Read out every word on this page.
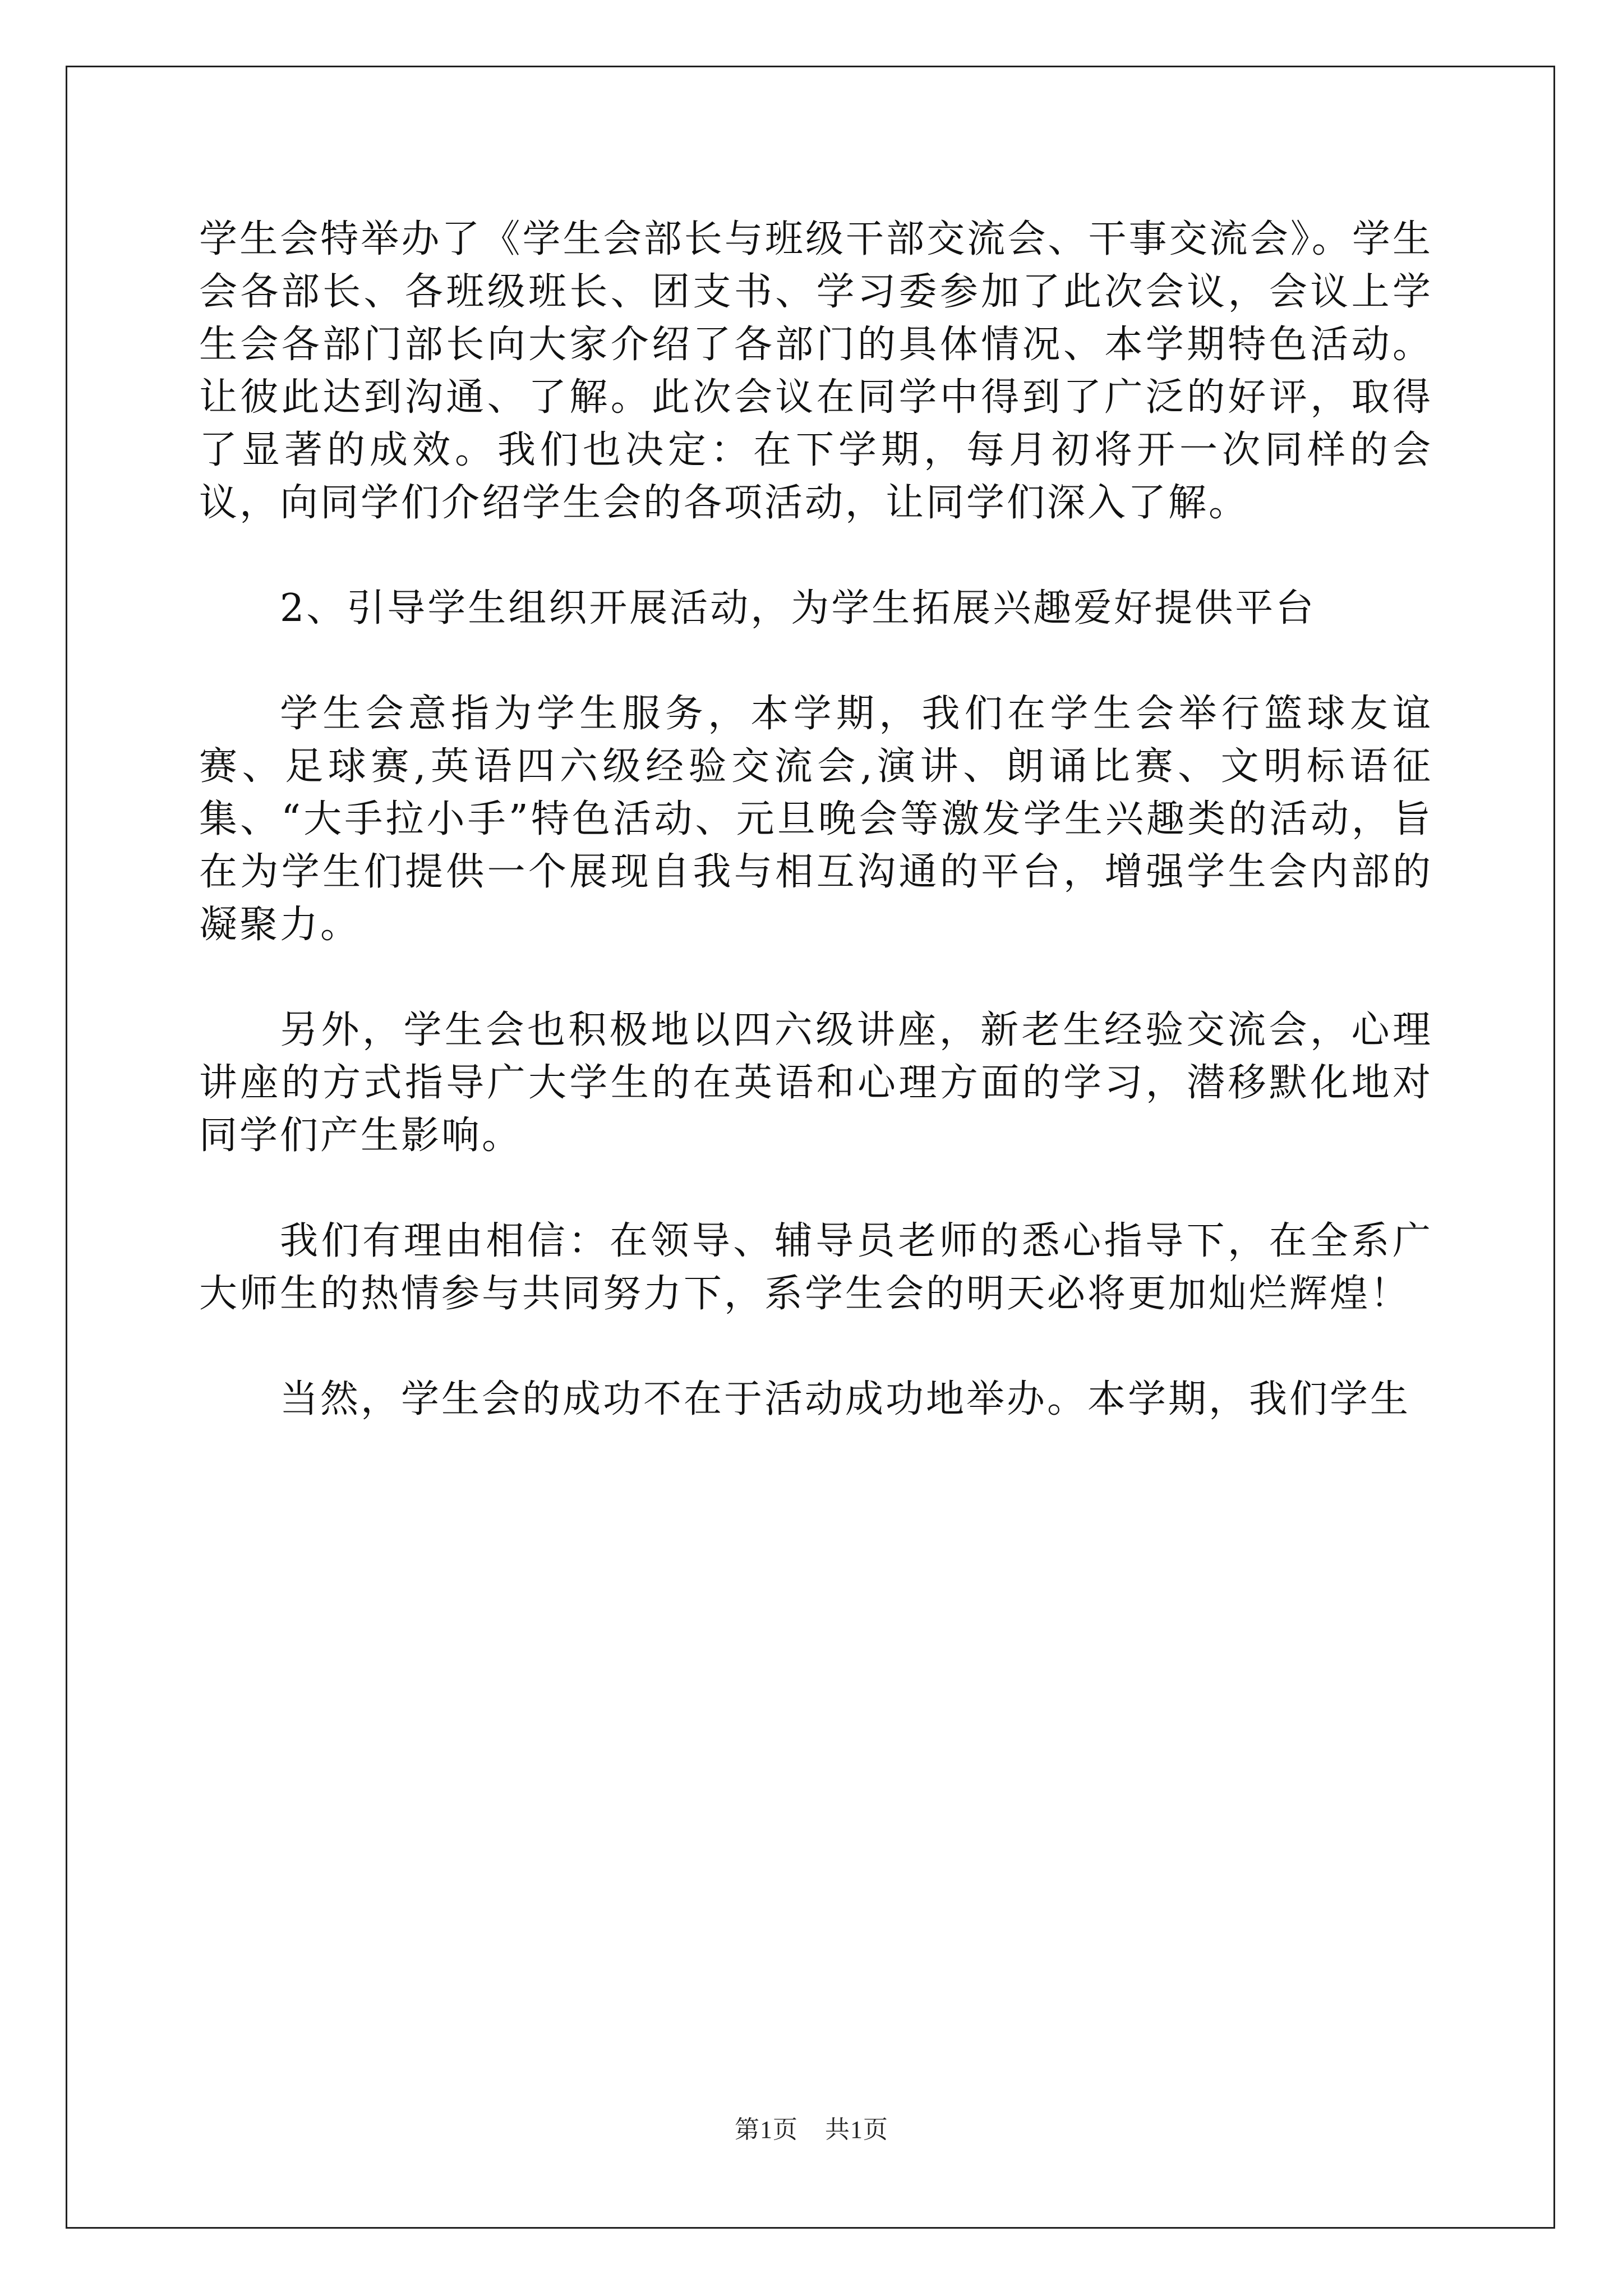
学生会特举办了《学生会部长与班级干部交流会、干事交流会》。学生会各部长、各班级班长、团支书、学习委参加了此次会议，会议上学生会各部门部长向大家介绍了各部门的具体情况、本学期特色活动。让彼此达到沟通、了解。此次会议在同学中得到了广泛的好评，取得了显著的成效。我们也决定：在下学期，每月初将开一次同样的会议，向同学们介绍学生会的各项活动，让同学们深入了解。

2、引导学生组织开展活动，为学生拓展兴趣爱好提供平台

学生会意指为学生服务，本学期，我们在学生会举行篮球友谊赛、足球赛,英语四六级经验交流会,演讲、朗诵比赛、文明标语征集、“大手拉小手”特色活动、元旦晚会等激发学生兴趣类的活动，旨在为学生们提供一个展现自我与相互沟通的平台，增强学生会内部的凝聚力。

另外，学生会也积极地以四六级讲座，新老生经验交流会，心理讲座的方式指导广大学生的在英语和心理方面的学习，潜移默化地对同学们产生影响。

我们有理由相信：在领导、辅导员老师的悉心指导下，在全系广大师生的热情参与共同努力下，系学生会的明天必将更加灿烂辉煌！

当然，学生会的成功不在于活动成功地举办。本学期，我们学生

第1页 共1页
